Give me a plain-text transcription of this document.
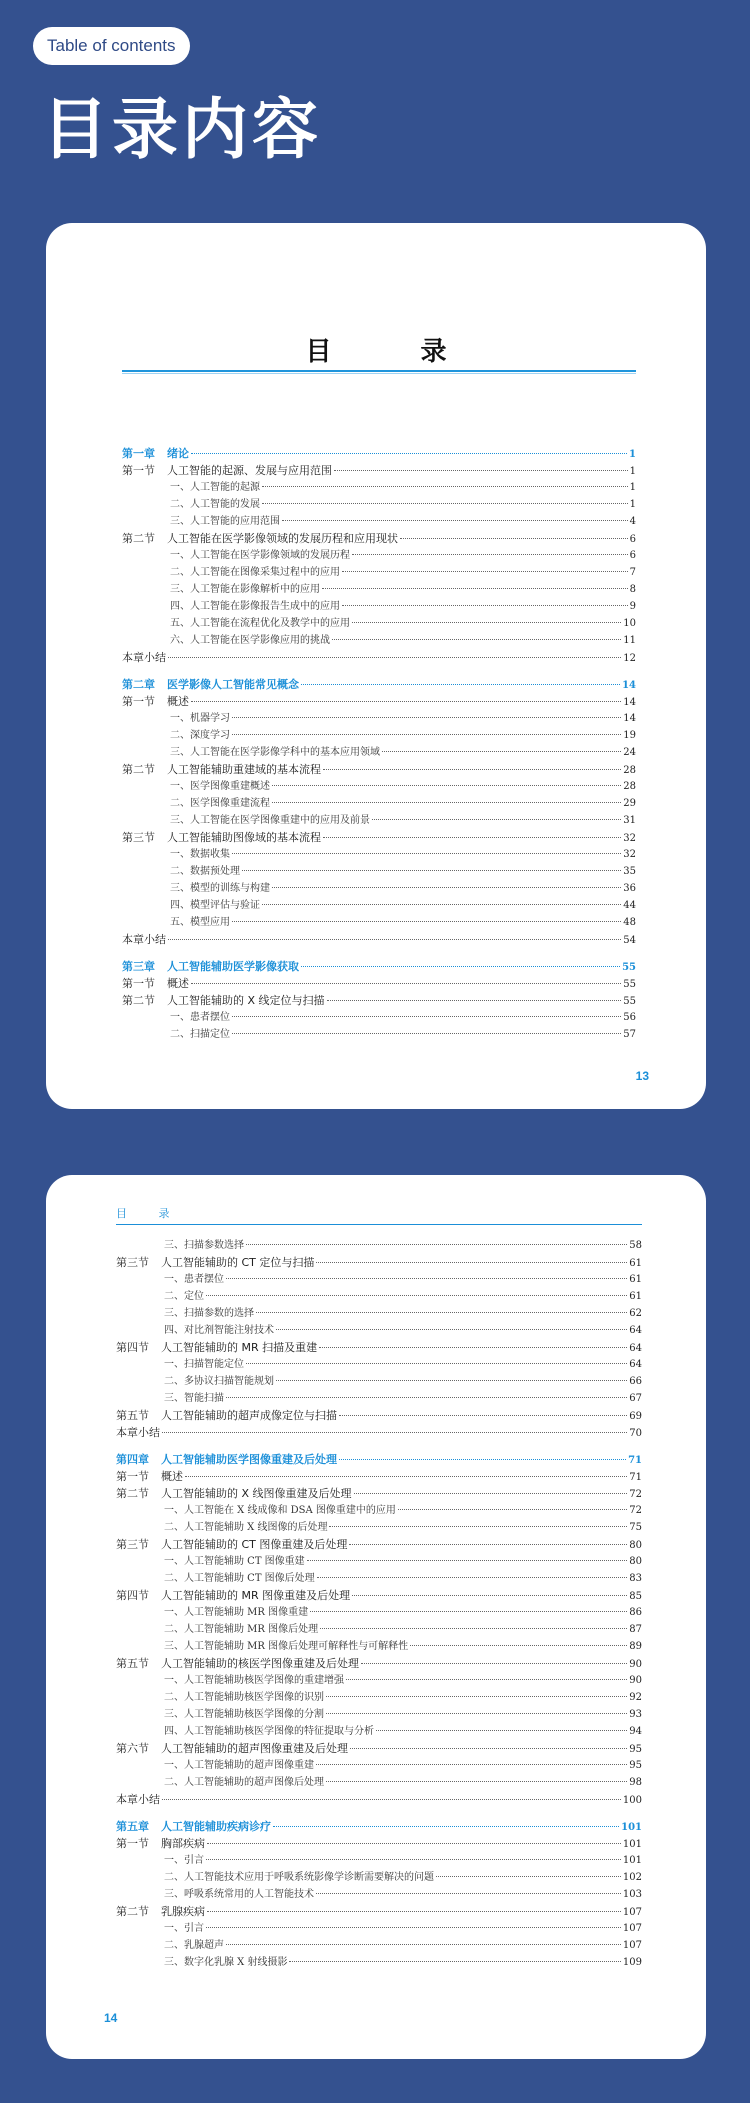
Table of contents
目录内容
目 录
第一章	绪论	1
第一节	人工智能的起源、发展与应用范围	1
一、人工智能的起源	1
二、人工智能的发展	1
三、人工智能的应用范围	4
第二节	人工智能在医学影像领域的发展历程和应用现状	6
一、人工智能在医学影像领域的发展历程	6
二、人工智能在图像采集过程中的应用	7
三、人工智能在影像解析中的应用	8
四、人工智能在影像报告生成中的应用	9
五、人工智能在流程优化及教学中的应用	10
六、人工智能在医学影像应用的挑战	11
本章小结	12
第二章	医学影像人工智能常见概念	14
第一节	概述	14
一、机器学习	14
二、深度学习	19
三、人工智能在医学影像学科中的基本应用领域	24
第二节	人工智能辅助重建域的基本流程	28
一、医学图像重建概述	28
二、医学图像重建流程	29
三、人工智能在医学图像重建中的应用及前景	31
第三节	人工智能辅助图像域的基本流程	32
一、数据收集	32
二、数据预处理	35
三、模型的训练与构建	36
四、模型评估与验证	44
五、模型应用	48
本章小结	54
第三章	人工智能辅助医学影像获取	55
第一节	概述	55
第二节	人工智能辅助的 X 线定位与扫描	55
一、患者摆位	56
二、扫描定位	57
13
目 录
三、扫描参数选择	58
第三节	人工智能辅助的 CT 定位与扫描	61
一、患者摆位	61
二、定位	61
三、扫描参数的选择	62
四、对比剂智能注射技术	64
第四节	人工智能辅助的 MR 扫描及重建	64
一、扫描智能定位	64
二、多协议扫描智能规划	66
三、智能扫描	67
第五节	人工智能辅助的超声成像定位与扫描	69
本章小结	70
第四章	人工智能辅助医学图像重建及后处理	71
第一节	概述	71
第二节	人工智能辅助的 X 线图像重建及后处理	72
一、人工智能在 X 线成像和 DSA 图像重建中的应用	72
二、人工智能辅助 X 线图像的后处理	75
第三节	人工智能辅助的 CT 图像重建及后处理	80
一、人工智能辅助 CT 图像重建	80
二、人工智能辅助 CT 图像后处理	83
第四节	人工智能辅助的 MR 图像重建及后处理	85
一、人工智能辅助 MR 图像重建	86
二、人工智能辅助 MR 图像后处理	87
三、人工智能辅助 MR 图像后处理可解释性与可解释性	89
第五节	人工智能辅助的核医学图像重建及后处理	90
一、人工智能辅助核医学图像的重建增强	90
二、人工智能辅助核医学图像的识别	92
三、人工智能辅助核医学图像的分割	93
四、人工智能辅助核医学图像的特征提取与分析	94
第六节	人工智能辅助的超声图像重建及后处理	95
一、人工智能辅助的超声图像重建	95
二、人工智能辅助的超声图像后处理	98
本章小结	100
第五章	人工智能辅助疾病诊疗	101
第一节	胸部疾病	101
一、引言	101
二、人工智能技术应用于呼吸系统影像学诊断需要解决的问题	102
三、呼吸系统常用的人工智能技术	103
第二节	乳腺疾病	107
一、引言	107
二、乳腺超声	107
三、数字化乳腺 X 射线摄影	109
14
